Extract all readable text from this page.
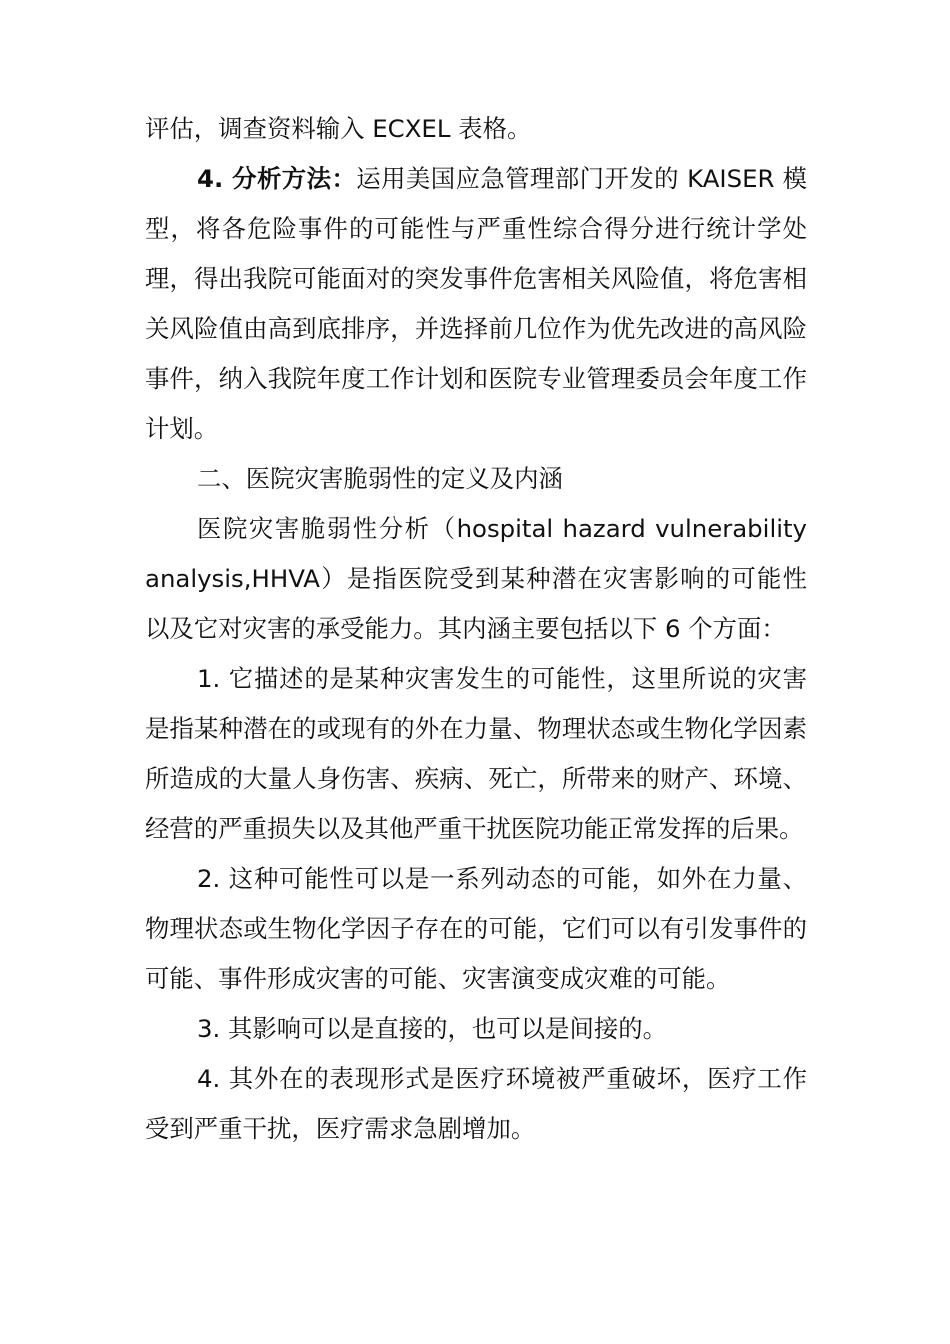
评估，调查资料输入 ECXEL 表格。

4. 分析方法：运用美国应急管理部门开发的 KAISER 模型，将各危险事件的可能性与严重性综合得分进行统计学处理，得出我院可能面对的突发事件危害相关风险值，将危害相关风险值由高到底排序，并选择前几位作为优先改进的高风险事件，纳入我院年度工作计划和医院专业管理委员会年度工作计划。

二、医院灾害脆弱性的定义及内涵

医院灾害脆弱性分析（hospital hazard vulnerability analysis,HHVA）是指医院受到某种潜在灾害影响的可能性以及它对灾害的承受能力。其内涵主要包括以下 6 个方面：

1. 它描述的是某种灾害发生的可能性，这里所说的灾害是指某种潜在的或现有的外在力量、物理状态或生物化学因素所造成的大量人身伤害、疾病、死亡，所带来的财产、环境、经营的严重损失以及其他严重干扰医院功能正常发挥的后果。

2. 这种可能性可以是一系列动态的可能，如外在力量、物理状态或生物化学因子存在的可能，它们可以有引发事件的可能、事件形成灾害的可能、灾害演变成灾难的可能。

3. 其影响可以是直接的，也可以是间接的。

4. 其外在的表现形式是医疗环境被严重破坏，医疗工作受到严重干扰，医疗需求急剧增加。
